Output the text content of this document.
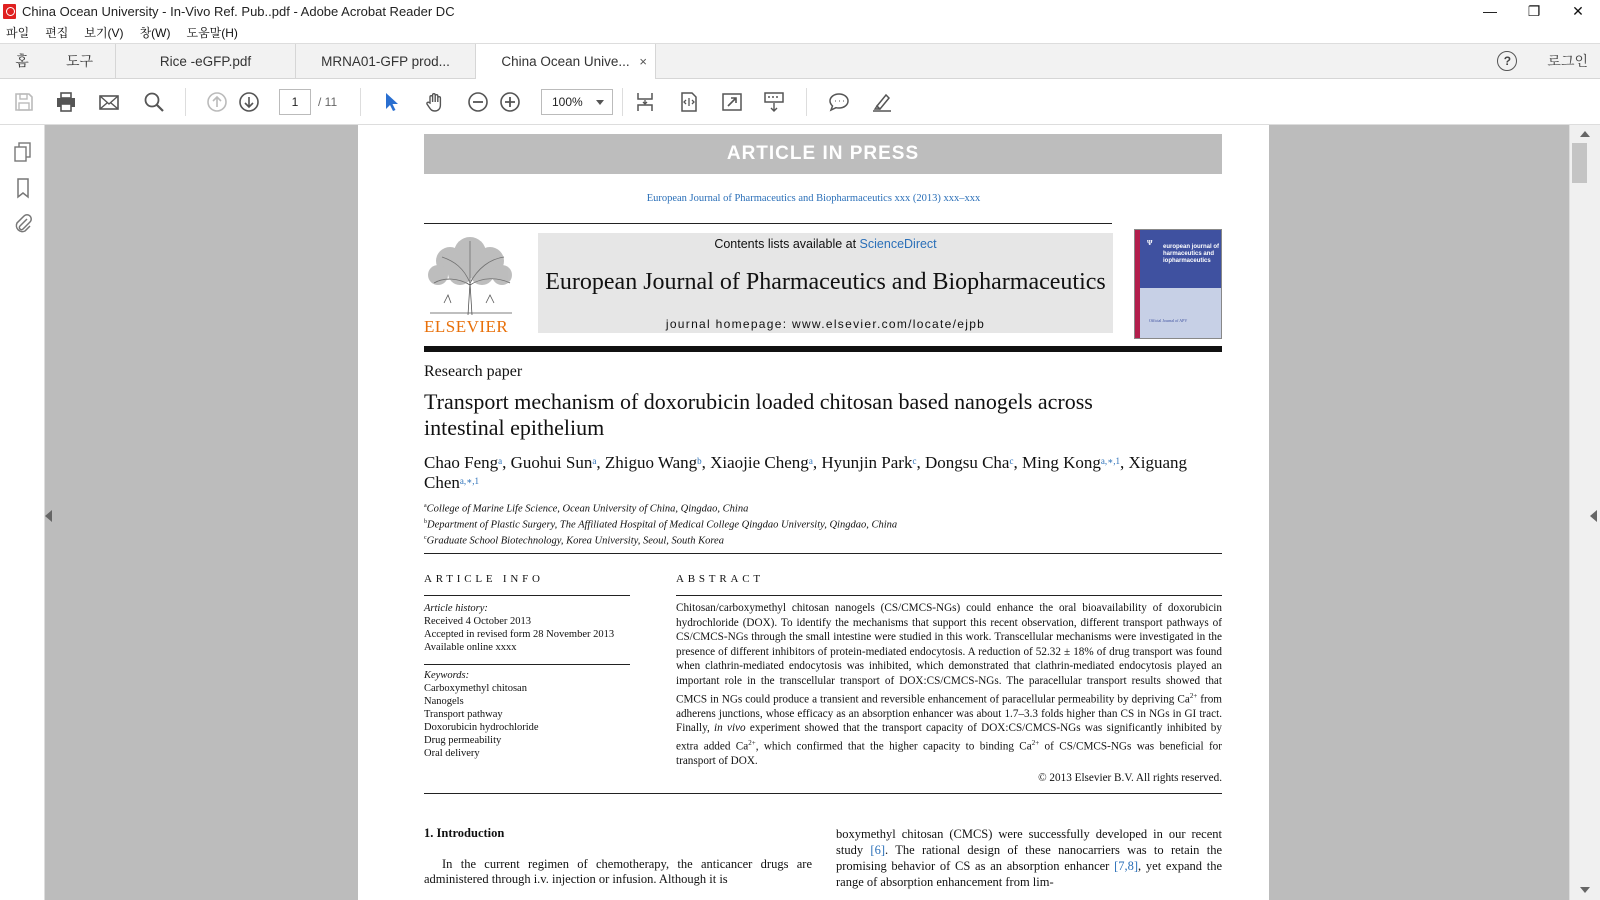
China Ocean University - In-Vivo Ref. Pub..pdf - Adobe Acrobat Reader DC	—	❐	✕
파일 편집 보기(V) 창(W) 도움말(H)
홈	도구	Rice -eGFP.pdf	MRNA01-GFP prod...	China Ocean Unive... ×	?	로그인
1	/ 11	100%
ARTICLE IN PRESS
European Journal of Pharmaceutics and Biopharmaceutics xxx (2013) xxx–xxx
ELSEVIER
Contents lists available at ScienceDirect
European Journal of Pharmaceutics and Biopharmaceutics
journal homepage: www.elsevier.com/locate/ejpb
Ψ european journal of harmaceutics and iopharmaceutics
Official Journal of APV
Research paper
Transport mechanism of doxorubicin loaded chitosan based nanogels across intestinal epithelium
Chao Feng$^a$, Guohui Sun$^a$, Zhiguo Wang$^b$, Xiaojie Cheng$^a$, Hyunjin Park$^c$, Dongsu Cha$^c$, Ming Kong$^{a,∗,1}$, Xiguang Chen$^{a,∗,1}$
$^a$College of Marine Life Science, Ocean University of China, Qingdao, China
$^b$Department of Plastic Surgery, The Affiliated Hospital of Medical College Qingdao University, Qingdao, China
$^c$Graduate School Biotechnology, Korea University, Seoul, South Korea
ARTICLE INFO	ABSTRACT
Article history:
Received 4 October 2013
Accepted in revised form 28 November 2013
Available online xxxx
Keywords:
Carboxymethyl chitosan
Nanogels
Transport pathway
Doxorubicin hydrochloride
Drug permeability
Oral delivery
Chitosan/carboxymethyl chitosan nanogels (CS/CMCS-NGs) could enhance the oral bioavailability of doxorubicin hydrochloride (DOX). To identify the mechanisms that support this recent observation, different transport pathways of CS/CMCS-NGs through the small intestine were studied in this work. Transcellular mechanisms were investigated in the presence of different inhibitors of protein-mediated endocytosis. A reduction of 52.32 ± 18% of drug transport was found when clathrin-mediated endocytosis was inhibited, which demonstrated that clathrin-mediated endocytosis played an important role in the transcellular transport of DOX:CS/CMCS-NGs. The paracellular transport results showed that CMCS in NGs could produce a transient and reversible enhancement of paracellular permeability by depriving $Ca^{2+}$ from adherens junctions, whose efficacy as an absorption enhancer was about 1.7–3.3 folds higher than CS in NGs in GI tract. Finally, in vivo experiment showed that the transport capacity of DOX:CS/CMCS-NGs was significantly inhibited by extra added $Ca^{2+}$, which confirmed that the higher capacity to binding $Ca^{2+}$ of CS/CMCS-NGs was beneficial for transport of DOX.
© 2013 Elsevier B.V. All rights reserved.
1. Introduction
In the current regimen of chemotherapy, the anticancer drugs are administered through i.v. injection or infusion. Although it is
boxymethyl chitosan (CMCS) were successfully developed in our recent study [6]. The rational design of these nanocarriers was to retain the promising behavior of CS as an absorption enhancer [7,8], yet expand the range of absorption enhancement from lim-
